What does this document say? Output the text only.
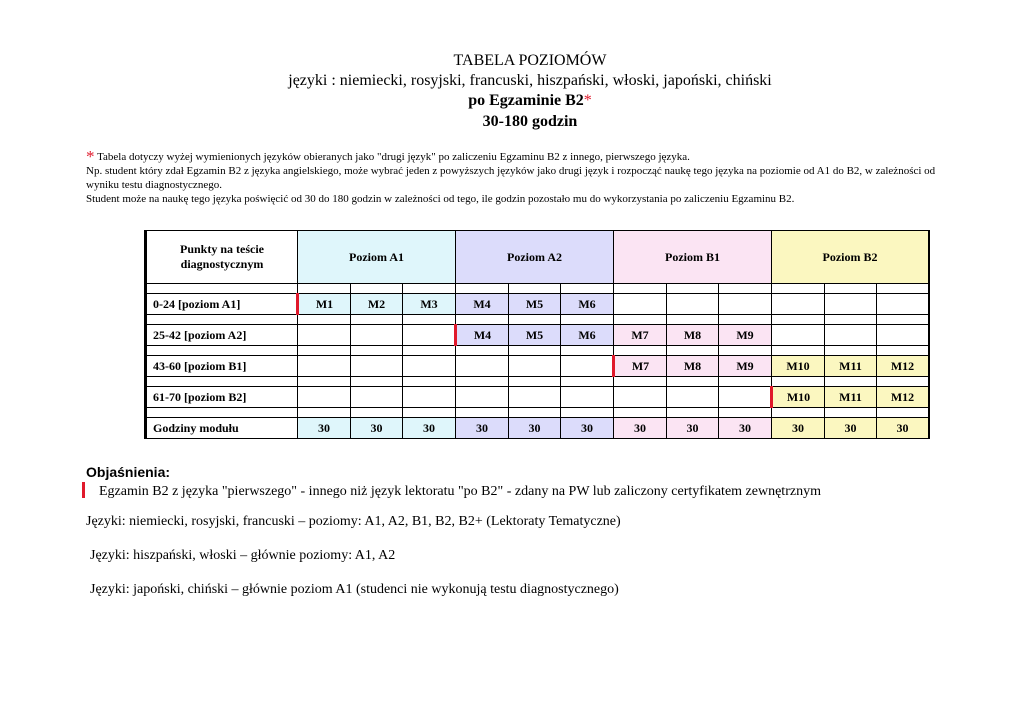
TABELA POZIOMÓW
języki : niemiecki, rosyjski, francuski, hiszpański, włoski, japoński, chiński
po Egzaminie B2*
30-180 godzin

* Tabela dotyczy wyżej wymienionych języków obieranych jako "drugi język" po zaliczeniu Egzaminu B2 z innego, pierwszego języka.

Np. student który zdał Egzamin B2 z języka angielskiego, może wybrać jeden z powyższych języków jako drugi język i rozpocząć naukę tego języka na poziomie od A1 do B2, w zależności od wyniku testu diagnostycznego.

Student może na naukę tego języka poświęcić od 30 do 180 godzin w zależności od tego, ile godzin pozostało mu do wykorzystania po zaliczeniu Egzaminu B2.

Punkty na teście diagnostycznym	Poziom A1			Poziom A2			Poziom B1			Poziom B2		

0-24 [poziom A1]	M1	M2	M3	M4	M5	M6						

25-42 [poziom A2]				M4	M5	M6	M7	M8	M9			

43-60 [poziom B1]							M7	M8	M9	M10	M11	M12

61-70 [poziom B2]										M10	M11	M12

Godziny modułu	30	30	30	30	30	30	30	30	30	30	30	30
Objaśnienia:
Egzamin B2 z języka "pierwszego" - innego niż język lektoratu "po B2" - zdany na PW lub zaliczony certyfikatem zewnętrznym
Języki: niemiecki, rosyjski, francuski – poziomy: A1, A2, B1, B2, B2+ (Lektoraty Tematyczne)
Języki: hiszpański, włoski – głównie poziomy: A1, A2
Języki: japoński, chiński – głównie poziom A1 (studenci nie wykonują testu diagnostycznego)
